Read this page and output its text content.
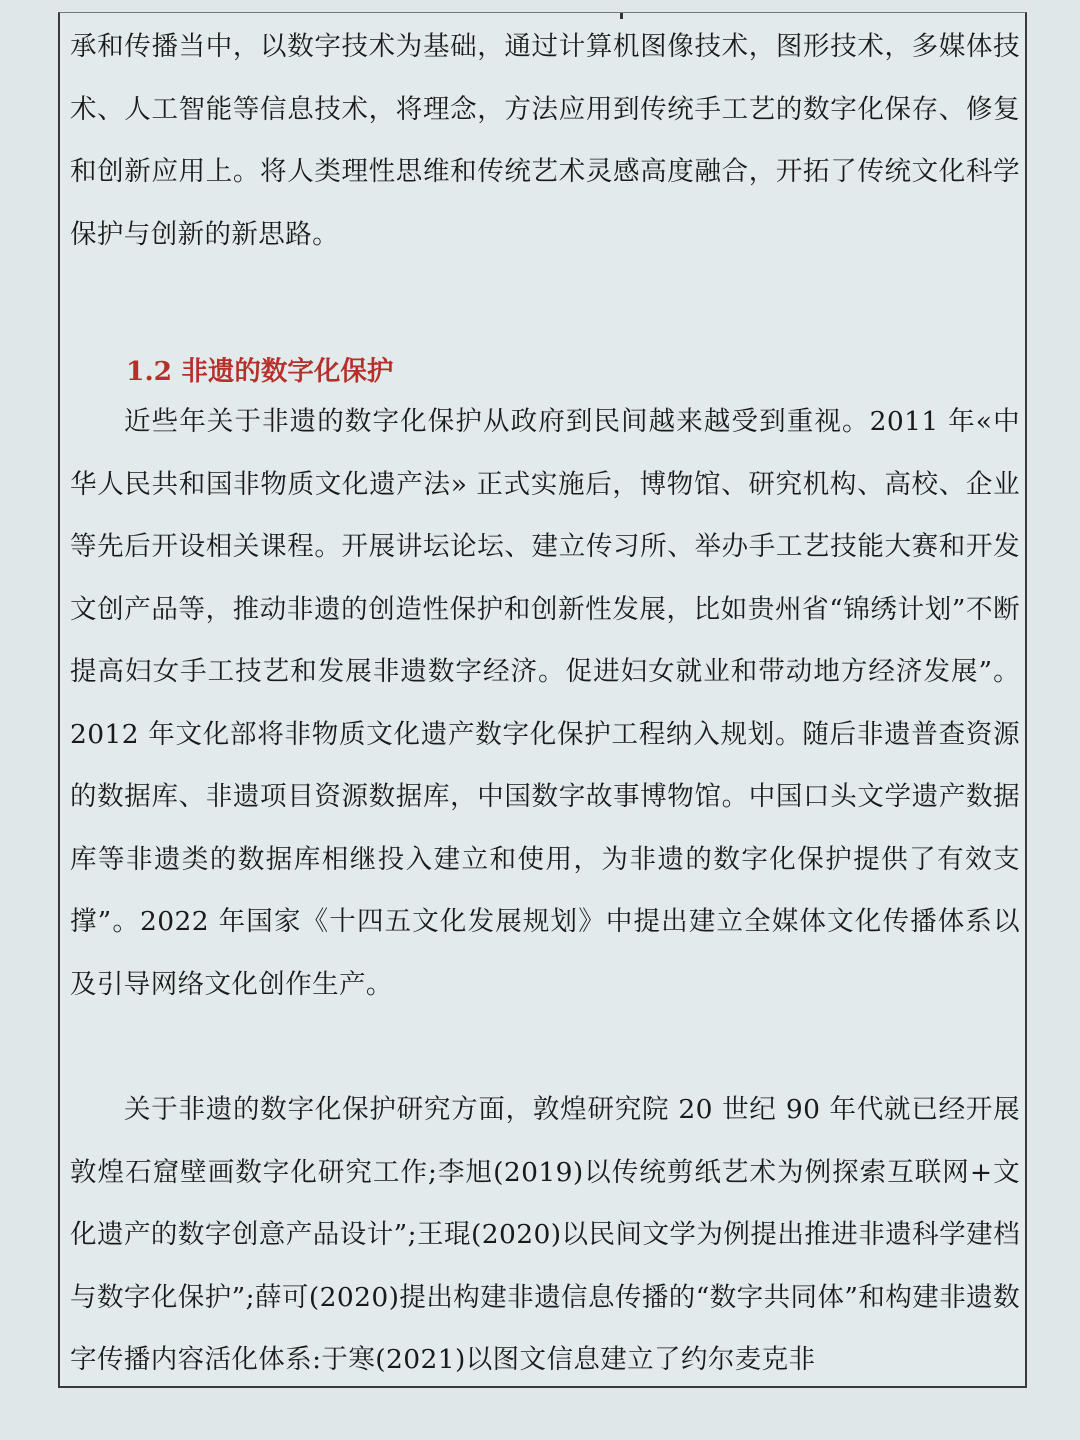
承和传播当中，以数字技术为基础，通过计算机图像技术，图形技术，多媒体技术、人工智能等信息技术，将理念，方法应用到传统手工艺的数字化保存、修复和创新应用上。将人类理性思维和传统艺术灵感高度融合，开拓了传统文化科学保护与创新的新思路。

1.2 非遗的数字化保护

近些年关于非遗的数字化保护从政府到民间越来越受到重视。2011 年«中华人民共和国非物质文化遗产法» 正式实施后，博物馆、研究机构、高校、企业等先后开设相关课程。开展讲坛论坛、建立传习所、举办手工艺技能大赛和开发文创产品等，推动非遗的创造性保护和创新性发展，比如贵州省“锦绣计划”不断提高妇女手工技艺和发展非遗数字经济。促进妇女就业和带动地方经济发展”。2012 年文化部将非物质文化遗产数字化保护工程纳入规划。随后非遗普查资源的数据库、非遗项目资源数据库，中国数字故事博物馆。中国口头文学遗产数据库等非遗类的数据库相继投入建立和使用，为非遗的数字化保护提供了有效支撑”。2022 年国家《十四五文化发展规划》中提出建立全媒体文化传播体系以及引导网络文化创作生产。

关于非遗的数字化保护研究方面，敦煌研究院 20 世纪 90 年代就已经开展敦煌石窟壁画数字化研究工作;李旭(2019)以传统剪纸艺术为例探索互联网+文化遗产的数字创意产品设计”;王琨(2020)以民间文学为例提出推进非遗科学建档与数字化保护”;薛可(2020)提出构建非遗信息传播的“数字共同体”和构建非遗数字传播内容活化体系:于寒(2021)以图文信息建立了约尔麦克非
